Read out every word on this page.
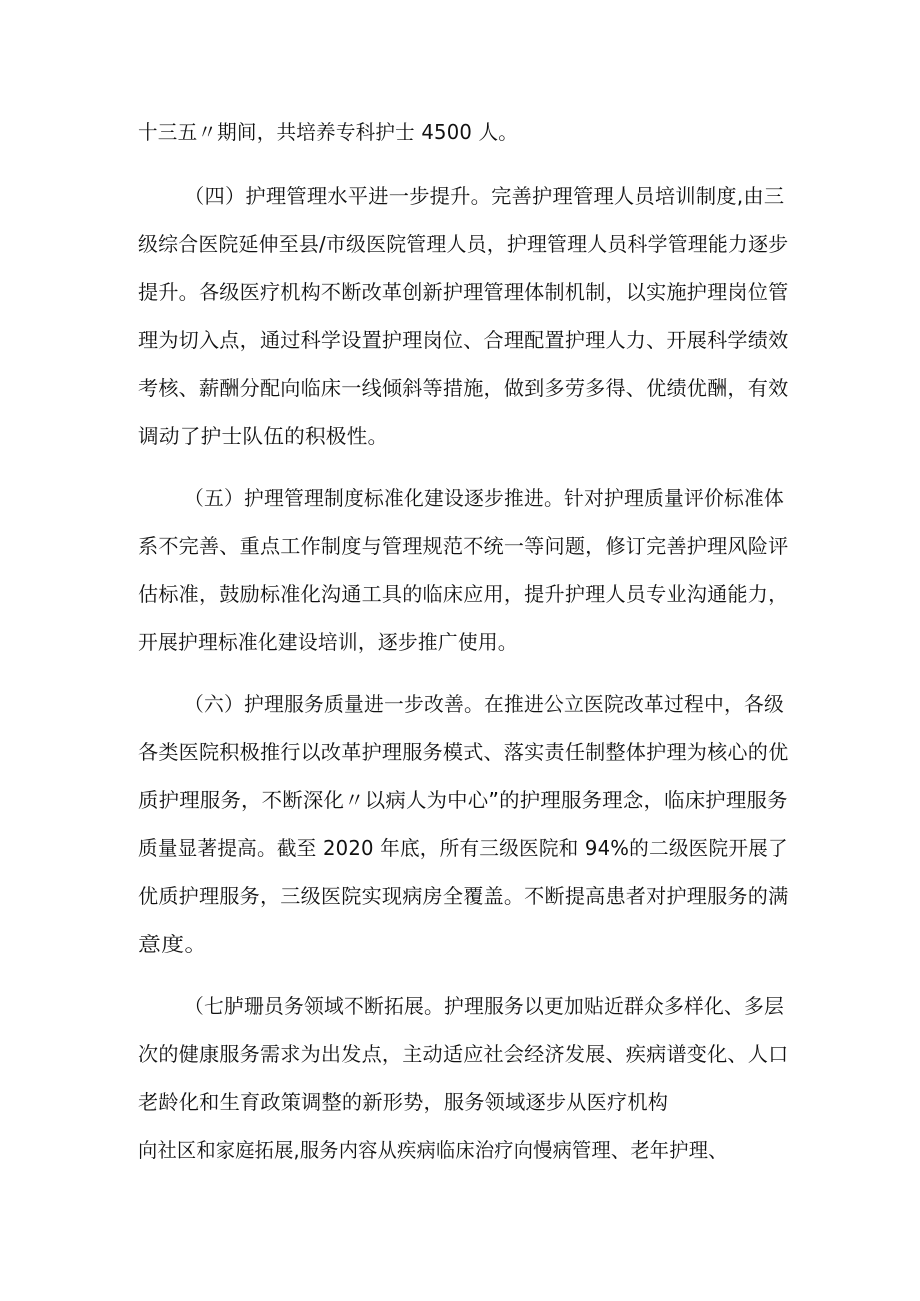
十三五〃期间，共培养专科护士 4500 人。
（四）护理管理水平进一步提升。完善护理管理人员培训制度,由三
级综合医院延伸至县/市级医院管理人员，护理管理人员科学管理能力逐步
提升。各级医疗机构不断改革创新护理管理体制机制，以实施护理岗位管
理为切入点，通过科学设置护理岗位、合理配置护理人力、开展科学绩效
考核、薪酬分配向临床一线倾斜等措施，做到多劳多得、优绩优酬，有效
调动了护士队伍的积极性。
（五）护理管理制度标准化建设逐步推进。针对护理质量评价标准体
系不完善、重点工作制度与管理规范不统一等问题，修订完善护理风险评
估标准，鼓励标准化沟通工具的临床应用，提升护理人员专业沟通能力，
开展护理标准化建设培训，逐步推广使用。
（六）护理服务质量进一步改善。在推进公立医院改革过程中，各级
各类医院积极推行以改革护理服务模式、落实责任制整体护理为核心的优
质护理服务，不断深化〃以病人为中心”的护理服务理念，临床护理服务
质量显著提高。截至 2020 年底，所有三级医院和 94%的二级医院开展了
优质护理服务，三级医院实现病房全覆盖。不断提高患者对护理服务的满
意度。
（七胪珊员务领域不断拓展。护理服务以更加贴近群众多样化、多层
次的健康服务需求为出发点，主动适应社会经济发展、疾病谱变化、人口
老龄化和生育政策调整的新形势，服务领域逐步从医疗机构
向社区和家庭拓展,服务内容从疾病临床治疗向慢病管理、老年护理、
